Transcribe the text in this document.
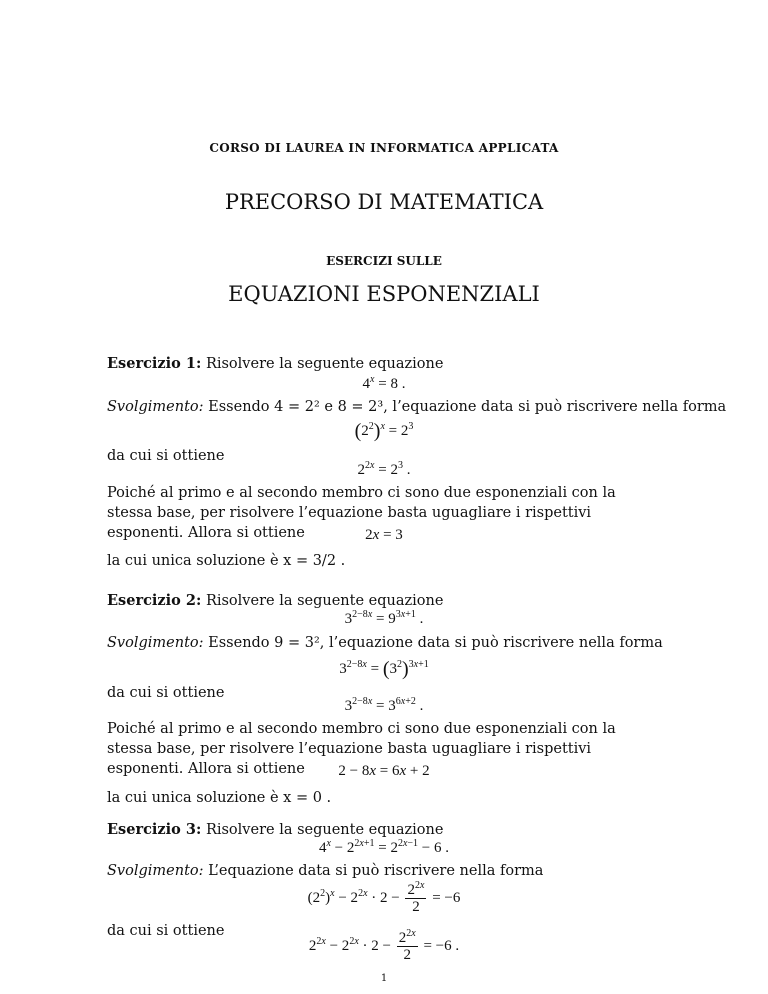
CORSO DI LAUREA IN INFORMATICA APPLICATA
PRECORSO DI MATEMATICA
ESERCIZI SULLE
EQUAZIONI ESPONENZIALI
Esercizio 1: Risolvere la seguente equazione
$4^x = 8$ .
Svolgimento: Essendo 4 = 2² e 8 = 2³, l’equazione data si può riscrivere nella forma
$(2^2)^x = 2^3$
da cui si ottiene
$2^{2x} = 2^3$ .
Poiché al primo e al secondo membro ci sono due esponenziali con la stessa base, per risolvere l’equazione basta uguagliare i rispettivi esponenti. Allora si ottiene	2x = 3
la cui unica soluzione è x = 3/2 .
Esercizio 2: Risolvere la seguente equazione
$3^{2-8x} = 9^{3x+1}$ .
Svolgimento: Essendo 9 = 3², l’equazione data si può riscrivere nella forma
$3^{2-8x} = (3^2)^{3x+1}$
da cui si ottiene
$3^{2-8x} = 3^{6x+2}$ .
Poiché al primo e al secondo membro ci sono due esponenziali con la stessa base, per risolvere l’equazione basta uguagliare i rispettivi esponenti. Allora si ottiene	2 − 8x = 6x + 2
la cui unica soluzione è x = 0 .
Esercizio 3: Risolvere la seguente equazione
$4^x - 2^{2x+1} = 2^{2x-1} - 6$ .
Svolgimento: L’equazione data si può riscrivere nella forma
$(2^2)^x - 2^{2x} \cdot 2 - \frac{2^{2x}}{2} = -6$
da cui si ottiene
$2^{2x} - 2^{2x} \cdot 2 - \frac{2^{2x}}{2} = -6$ .
1
